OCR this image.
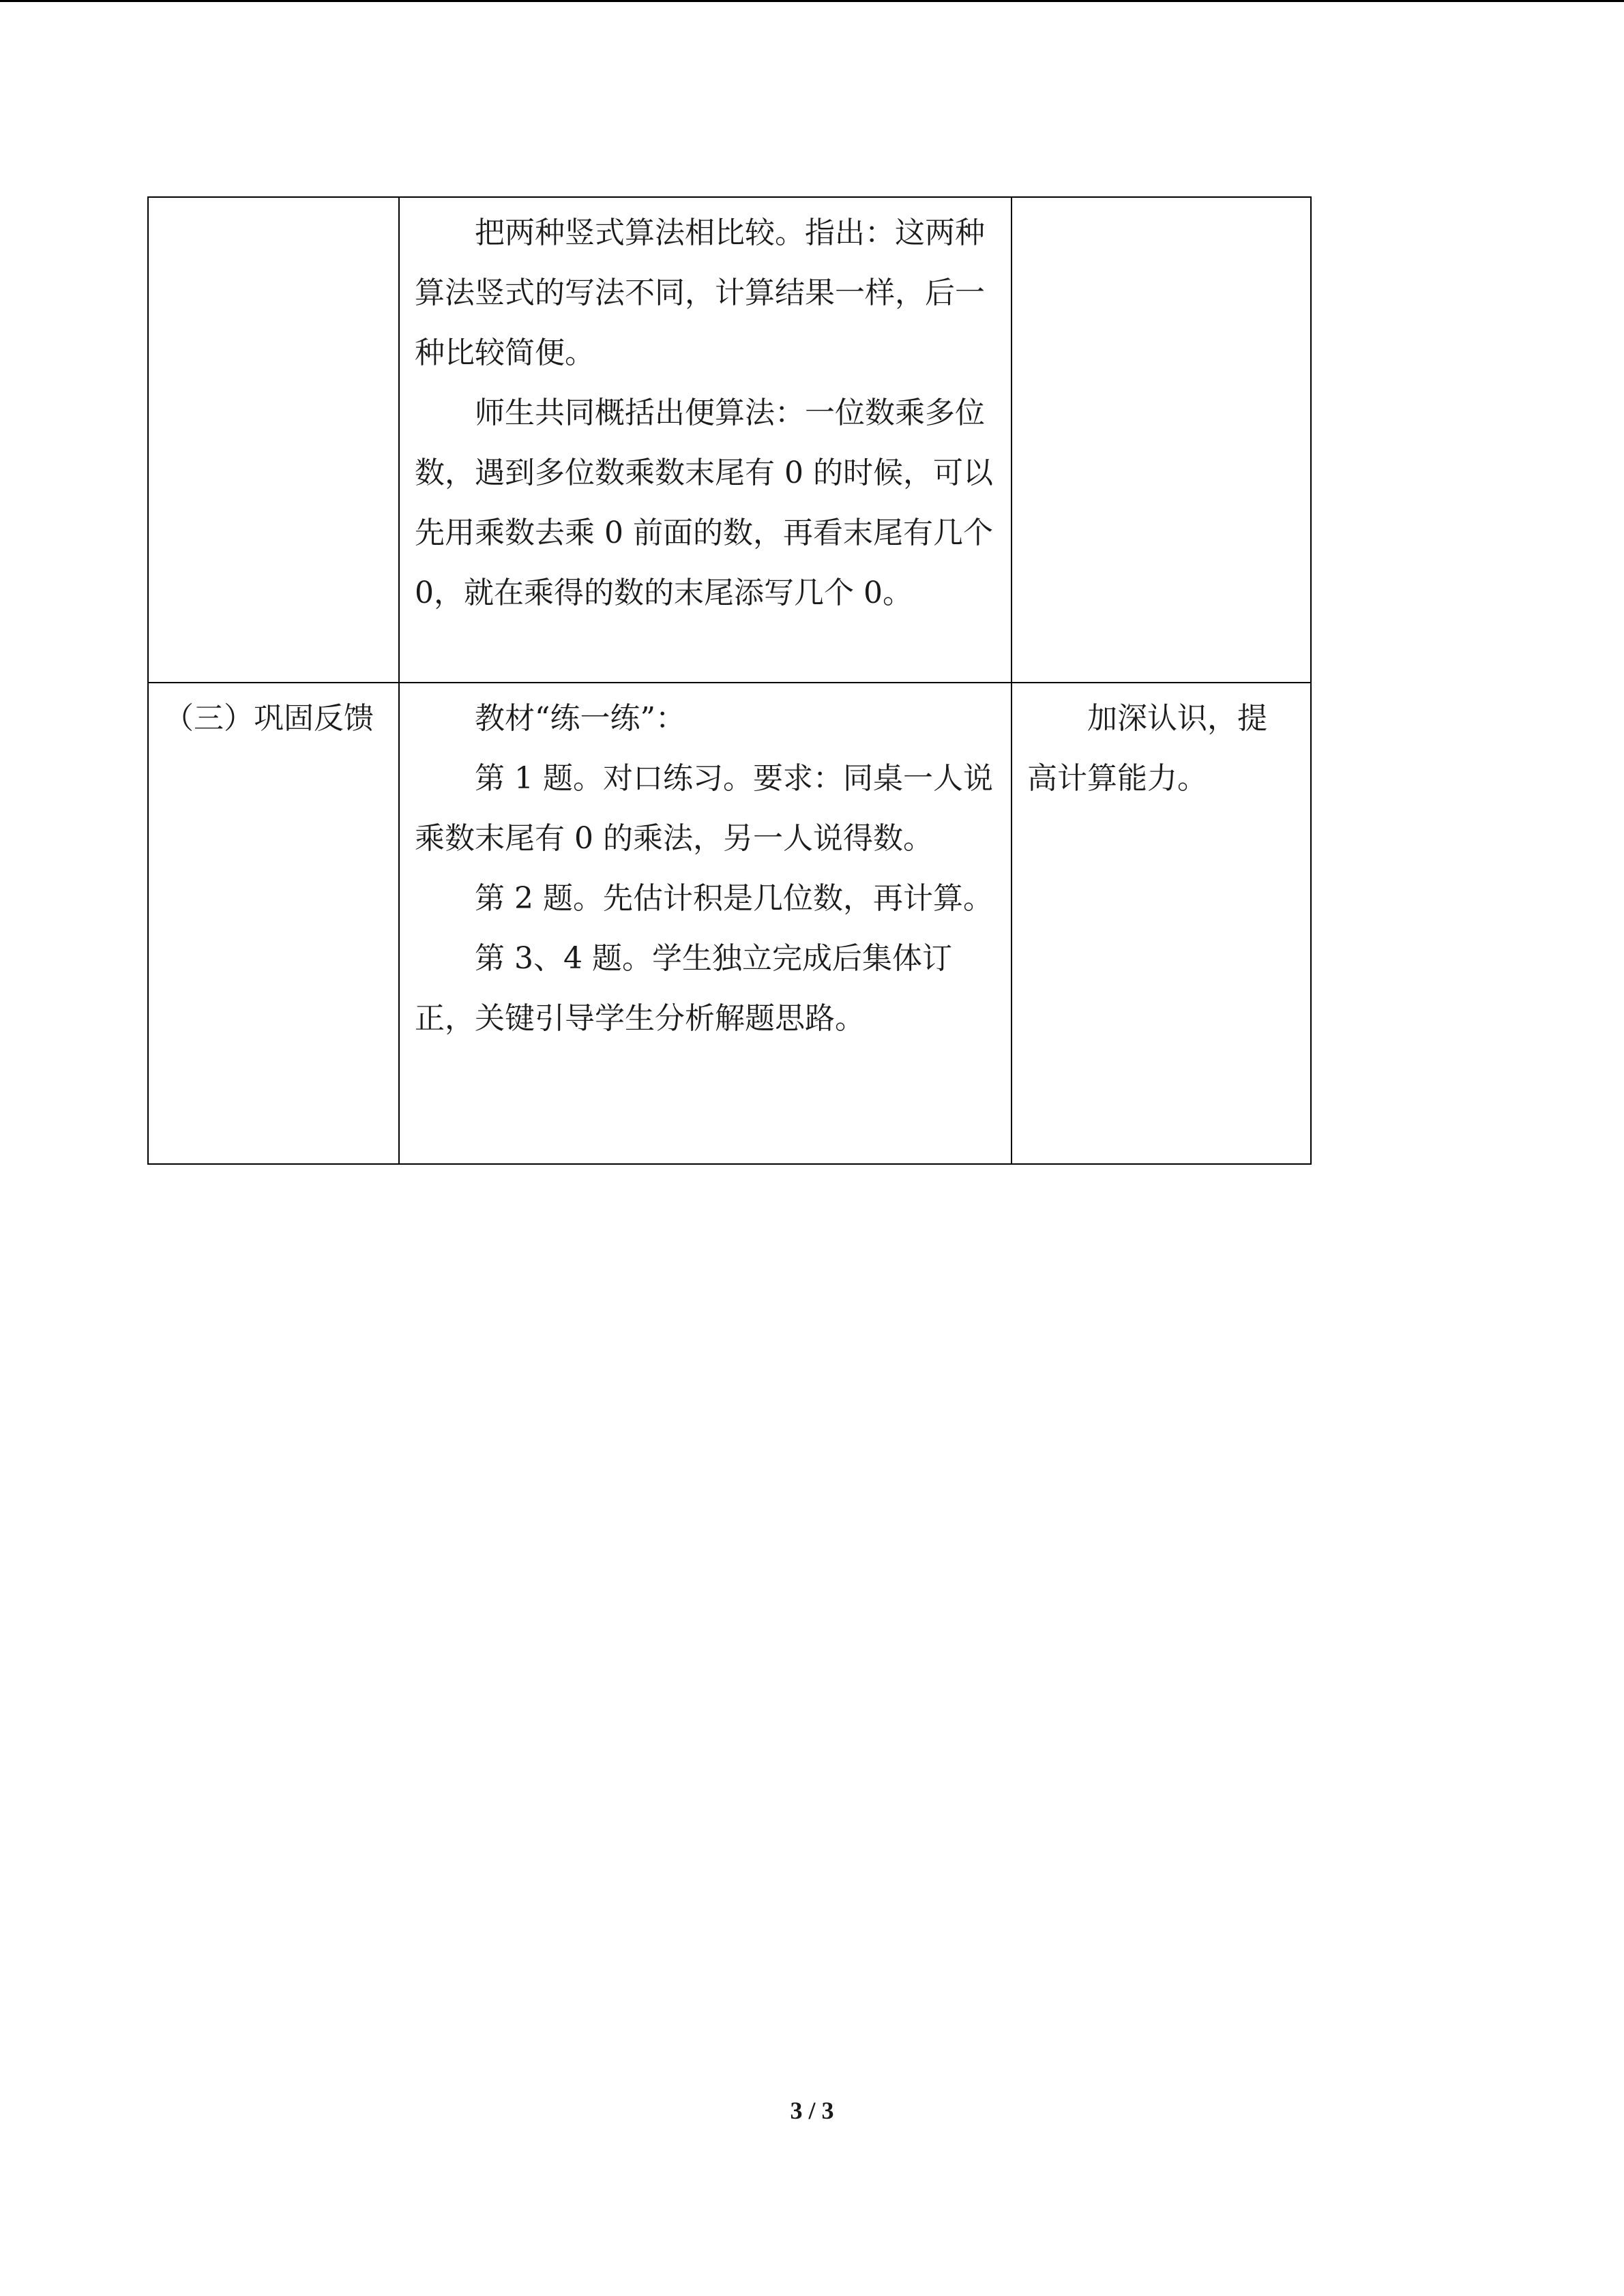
	把两种竖式算法相比较。指出：这两种算法竖式的写法不同，计算结果一样，后一种比较简便。

师生共同概括出便算法：一位数乘多位数，遇到多位数乘数末尾有 0 的时候，可以先用乘数去乘 0 前面的数，再看末尾有几个 0，就在乘得的数的末尾添写几个 0。	

（三）巩固反馈	教材“练一练”：

第 1 题。对口练习。要求：同桌一人说乘数末尾有 0 的乘法，另一人说得数。

第 2 题。先估计积是几位数，再计算。

第 3、4 题。学生独立完成后集体订正，关键引导学生分析解题思路。	加深认识，提高计算能力。

3 / 3
